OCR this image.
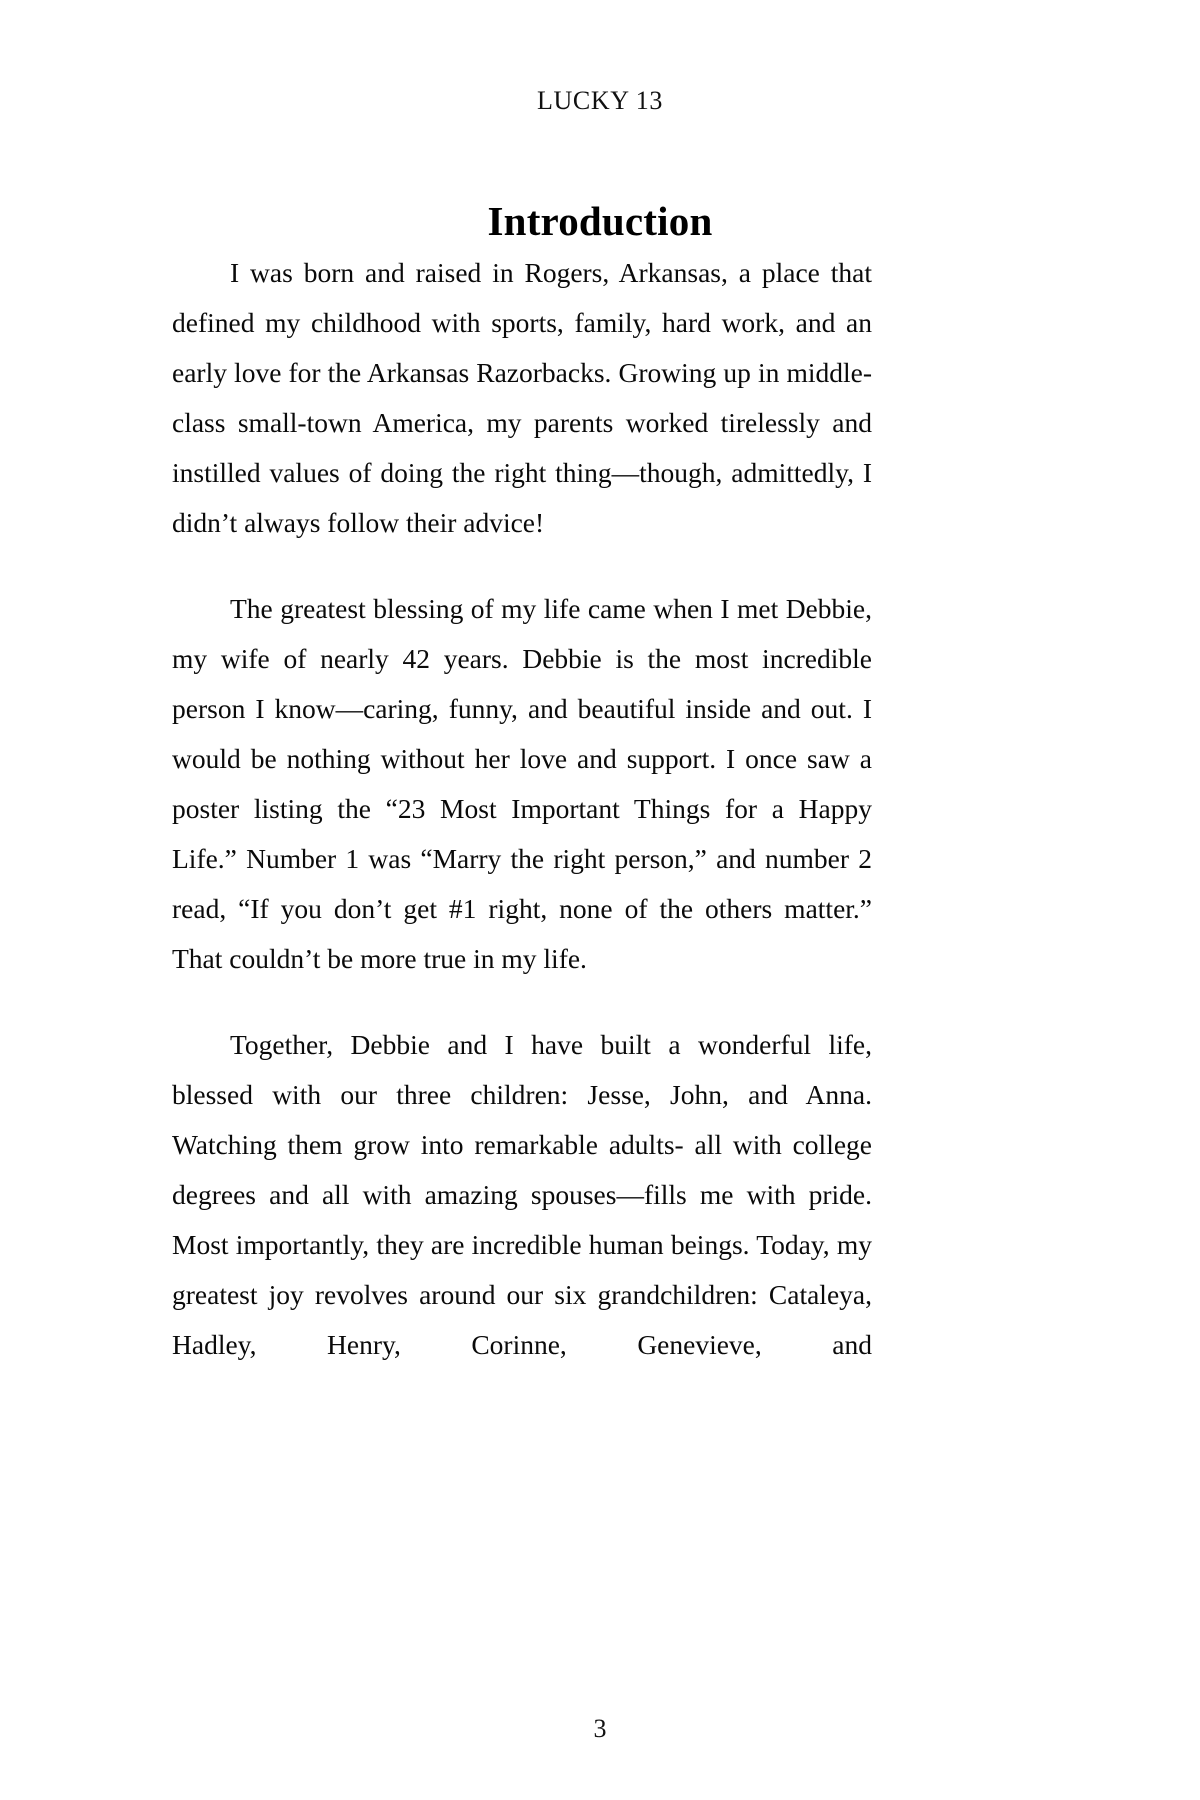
LUCKY 13
Introduction

I was born and raised in Rogers, Arkansas, a place that defined my childhood with sports, family, hard work, and an early love for the Arkansas Razorbacks. Growing up in middle-class small-town America, my parents worked tirelessly and instilled values of doing the right thing—though, admittedly, I didn’t always follow their advice!

The greatest blessing of my life came when I met Debbie, my wife of nearly 42 years. Debbie is the most incredible person I know—caring, funny, and beautiful inside and out. I would be nothing without her love and support. I once saw a poster listing the “23 Most Important Things for a Happy Life.” Number 1 was “Marry the right person,” and number 2 read, “If you don’t get #1 right, none of the others matter.” That couldn’t be more true in my life.

Together, Debbie and I have built a wonderful life, blessed with our three children: Jesse, John, and Anna. Watching them grow into remarkable adults- all with college degrees and all with amazing spouses—fills me with pride. Most importantly, they are incredible human beings. Today, my greatest joy revolves around our six grandchildren: Cataleya, Hadley, Henry, Corinne, Genevieve, and

3
